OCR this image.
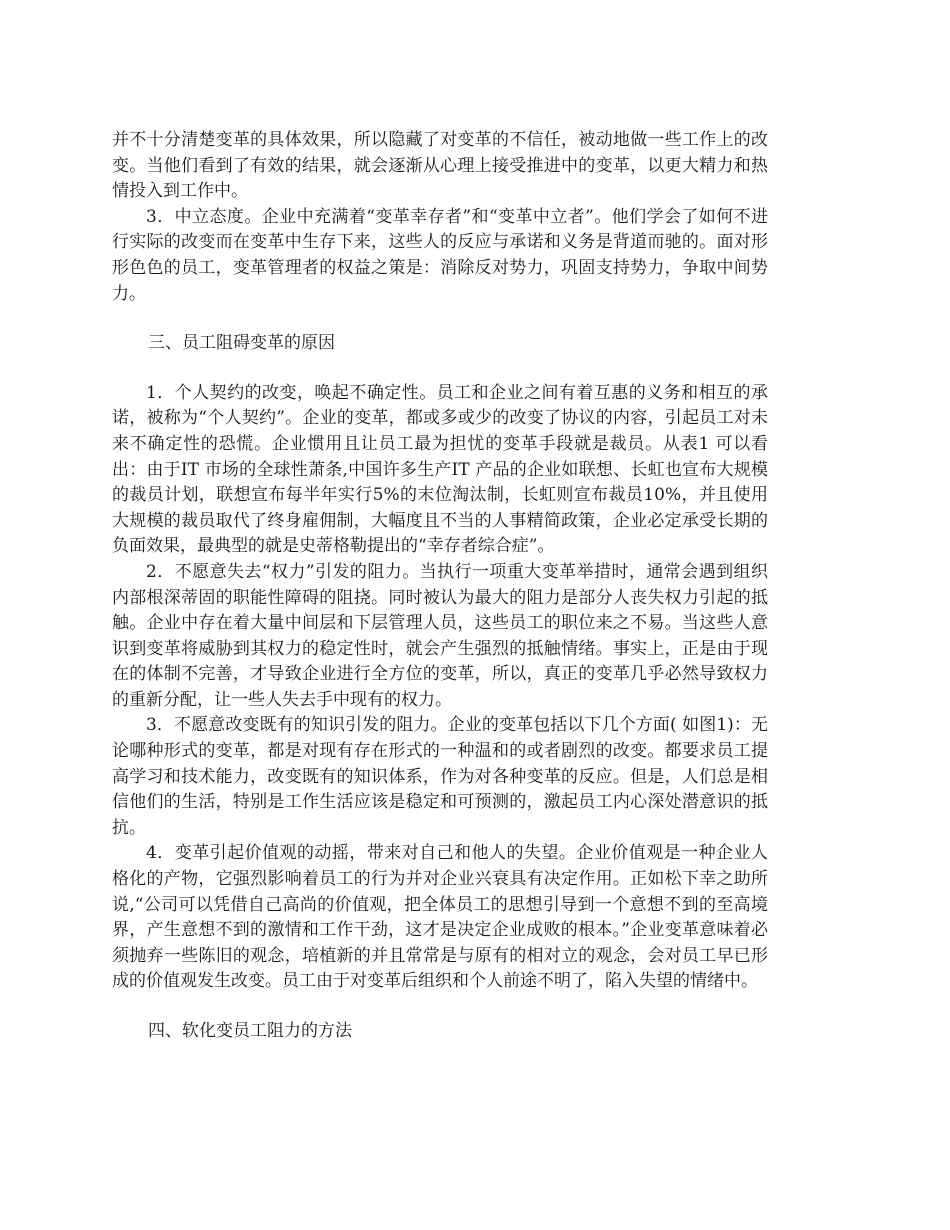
并不十分清楚变革的具体效果，所以隐藏了对变革的不信任，被动地做一些工作上的改变。当他们看到了有效的结果，就会逐渐从心理上接受推进中的变革，以更大精力和热情投入到工作中。

3．中立态度。企业中充满着“变革幸存者”和“变革中立者”。他们学会了如何不进行实际的改变而在变革中生存下来，这些人的反应与承诺和义务是背道而驰的。面对形形色色的员工，变革管理者的权益之策是：消除反对势力，巩固支持势力，争取中间势力。

三、员工阻碍变革的原因

1．个人契约的改变，唤起不确定性。员工和企业之间有着互惠的义务和相互的承诺，被称为“个人契约”。企业的变革，都或多或少的改变了协议的内容，引起员工对未来不确定性的恐慌。企业惯用且让员工最为担忧的变革手段就是裁员。从表1 可以看出：由于IT 市场的全球性萧条,中国许多生产IT 产品的企业如联想、长虹也宣布大规模的裁员计划，联想宣布每半年实行5%的末位淘汰制，长虹则宣布裁员10%，并且使用大规模的裁员取代了终身雇佣制，大幅度且不当的人事精简政策，企业必定承受长期的负面效果，最典型的就是史蒂格勒提出的“幸存者综合症”。

2．不愿意失去“权力”引发的阻力。当执行一项重大变革举措时，通常会遇到组织内部根深蒂固的职能性障碍的阻挠。同时被认为最大的阻力是部分人丧失权力引起的抵触。企业中存在着大量中间层和下层管理人员，这些员工的职位来之不易。当这些人意识到变革将威胁到其权力的稳定性时，就会产生强烈的抵触情绪。事实上，正是由于现在的体制不完善，才导致企业进行全方位的变革，所以，真正的变革几乎必然导致权力的重新分配，让一些人失去手中现有的权力。

3．不愿意改变既有的知识引发的阻力。企业的变革包括以下几个方面( 如图1)：无论哪种形式的变革，都是对现有存在形式的一种温和的或者剧烈的改变。都要求员工提高学习和技术能力，改变既有的知识体系，作为对各种变革的反应。但是，人们总是相信他们的生活，特别是工作生活应该是稳定和可预测的，激起员工内心深处潜意识的抵抗。

4．变革引起价值观的动摇，带来对自己和他人的失望。企业价值观是一种企业人格化的产物，它强烈影响着员工的行为并对企业兴衰具有决定作用。正如松下幸之助所说,“公司可以凭借自己高尚的价值观，把全体员工的思想引导到一个意想不到的至高境界，产生意想不到的激情和工作干劲，这才是决定企业成败的根本。”企业变革意味着必须抛弃一些陈旧的观念，培植新的并且常常是与原有的相对立的观念，会对员工早已形成的价值观发生改变。员工由于对变革后组织和个人前途不明了，陷入失望的情绪中。

四、软化变员工阻力的方法
